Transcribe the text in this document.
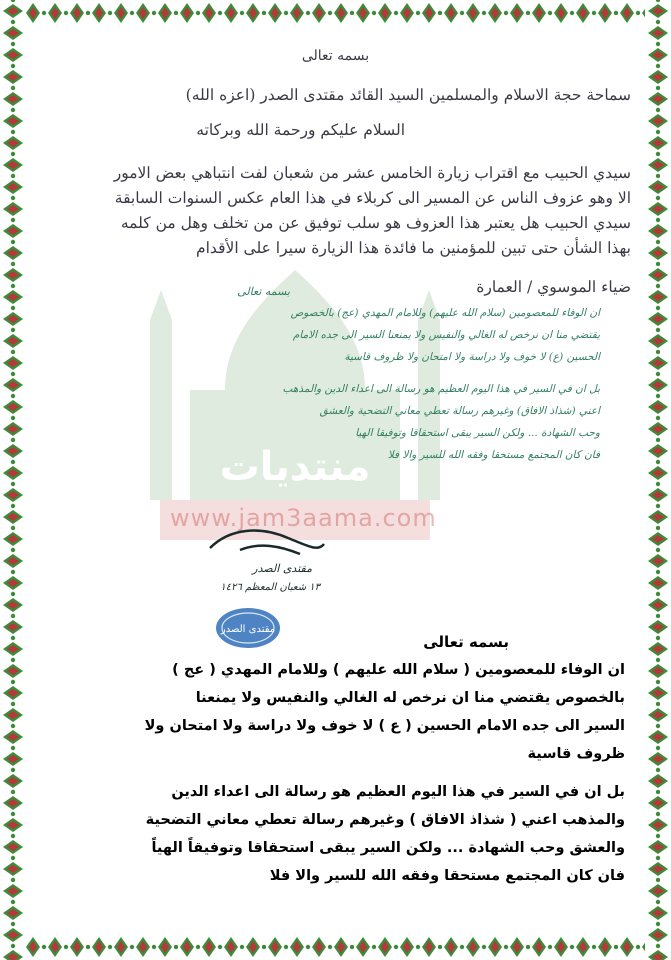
منتديات
www.jam3aama.com
بسمه تعالى
سماحة حجة الاسلام والمسلمين السيد القائد مقتدى الصدر (اعزه الله)
السلام عليكم ورحمة الله وبركاته
سيدي الحبيب مع اقتراب زيارة الخامس عشر من شعبان لفت انتباهي بعض الامور
الا وهو عزوف الناس عن المسير الى كربلاء في هذا العام عكس السنوات السابقة
سيدي الحبيب هل يعتبر هذا العزوف هو سلب توفيق عن من تخلف وهل من كلمه
بهذا الشأن حتى تبين للمؤمنين ما فائدة هذا الزيارة سيرا على الأقدام
ضياء الموسوي / العمارة
بسمه تعالى
ان الوفاء للمعصومين (سلام الله عليهم) وللامام المهدي (عج) بالخصوص
يقتضي منا ان نرخص له الغالي والنفيس ولا يمنعنا السير الى جده الامام
الحسين (ع) لا خوف ولا دراسة ولا امتحان ولا ظروف قاسية
بل ان في السير في هذا اليوم العظيم هو رسالة الى اعداء الدين والمذهب
اعني (شذاذ الافاق) وغيرهم رسالة تعطي معاني التضحية والعشق
وحب الشهادة ... ولكن السير يبقى استحقاقا وتوفيقا الهيا
فان كان المجتمع مستحقا وفقه الله للسير والا فلا
مقتدى الصدر
١٣ شعبان المعظم ١٤٢٦
مقتدى الصدر
بسمه تعالى
ان الوفاء للمعصومين ( سلام الله عليهم ) وللامام المهدي ( عج )
بالخصوص يقتضي منا ان نرخص له الغالي والنفيس ولا يمنعنا
السير الى جده الامام الحسين ( ع ) لا خوف ولا دراسة ولا امتحان ولا
ظروف قاسية
بل ان في السير في هذا اليوم العظيم هو رسالة الى اعداء الدين
والمذهب اعني ( شذاذ الافاق ) وغيرهم رسالة تعطي معاني التضحية
والعشق وحب الشهادة ... ولكن السير يبقى استحقاقا وتوفيقاً الهياً
فان كان المجتمع مستحقا وفقه الله للسير والا فلا
